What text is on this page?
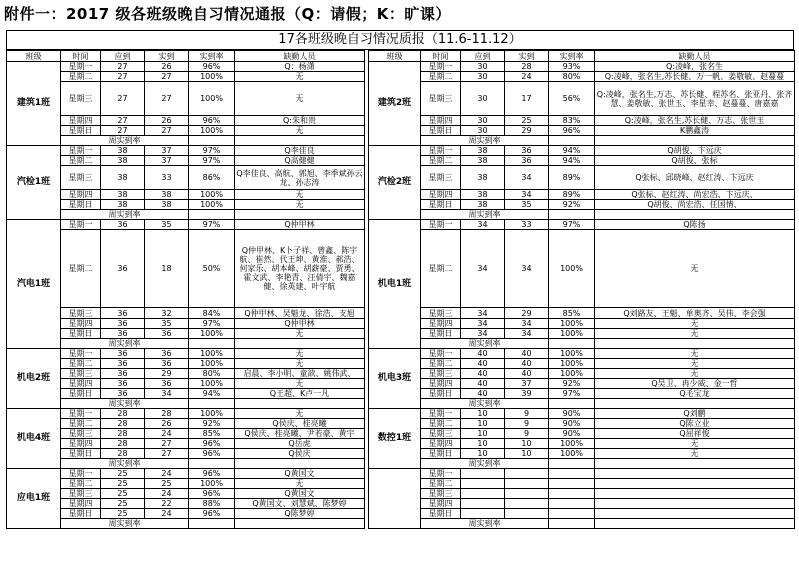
附件一：2017 级各班级晚自习情况通报（Q：请假；K：旷课）
17各班级晚自习情况质报（11.6-11.12）
班级	时间	应到	实到	实到率	缺勤人员		班级	时间	应到	实到	实到率	缺勤人员
建筑1班	星期一	27	26	96%	Q：杨潇		建筑2班	星期一	30	28	93%	Q:凌峰，张名生
	星期二	27	27	100%	无			星期二	30	24	80%	Q:凌峰，张名生,苏长健、万一帆、姜敬敏、赵蔓蔓
	星期三	27	27	100%	无			星期三	30	17	56%	Q:凌峰，张名生,万志、苏长健、程苏名、张亚丹、张齐慧、姜敬敏、张世玉、李星幸、赵蔓蔓、唐嘉嘉
	星期四	27	26	96%	Q:朱和贵			星期四	30	25	83%	Q:凌峰，张名生,苏长健、万志、张世玉
	星期日	27	27	100%	无			星期日	30	29	96%	K鹏鑫涛
	周实到率							周实到率				
汽检1班	星期一	38	37	97%	Q李佳良		汽检2班	星期一	38	36	94%	Q胡俊、卞远庆
	星期二	38	37	97%	Q高健健			星期二	38	36	94%	Q胡俊、张标
	星期三	38	33	86%	Q李佳良、高航、郭旭、李季斌孙云龙、孙志涛			星期三	38	34	89%	Q张标、邱晓峰、赵红涛、卞远庆
	星期四	38	38	100%	无			星期四	38	34	89%	Q张标、赵红涛、尚宏浩、卞远庆、
	星期日	38	38	100%	无			星期日	38	35	92%	Q胡俊、尚宏浩、任国情、
	周实到率							周实到率				
汽电1班	星期一	36	35	97%	Q仲甲林		机电1班	星期一	34	33	97%	Q陈扬
	星期二	36	18	50%	Q仲甲林、K卜子祥、曾鑫、陈宇航、崔然、代王坤、黄淮、郝浩、何家乐、胡本峰、胡薪豪、贾勇、霍文武、李艳青、汪倩宇、魏嘉健、徐英建、叶宇航			星期二	34	34	100%	无
	星期三	36	32	84%	Q仲甲林、吴魁龙、徐浩、支旭			星期三	34	29	85%	Q刘路友、王魁、单奥齐、吴伟、李会强
	星期四	36	35	97%	Q仲甲林			星期四	34	34	100%	无
	星期日	36	36	100%	无			星期日	34	34	100%	无
	周实到率							周实到率				
机电2班	星期一	36	36	100%	无		机电3班	星期一	40	40	100%	无
	星期二	36	36	100%	无			星期二	40	40	100%	无
	星期三	36	29	80%	启晨、李小明、童歆、姚伟武、			星期三	40	40	100%	无
	星期四	36	36	100%	无			星期四	40	37	92%	Q吴卫、冉少威、金一哲
	星期日	36	34	94%	Q王超、K卢一凡			星期日	40	39	97%	Q毛宝龙
	周实到率							周实到率				
机电4班	星期一	28	28	100%	无		数控1班	星期一	10	9	90%	Q刘鹏
	星期二	28	26	92%	Q侯庆、桂亮曦			星期二	10	9	90%	Q陈立业
	星期三	28	24	85%	Q侯庆、桂亮曦、尹若豪、黄宇			星期三	10	9	90%	Q屈祥俊
	星期四	28	27	96%	Q岳虎			星期四	10	10	100%	无
	星期日	28	27	96%	Q侯庆			星期日	10	10	100%	无
	周实到率							周实到率				
应电1班	星期一	25	24	96%	Q黄国文			星期一				
	星期二	25	25	100%	无			星期二				
	星期三	25	24	96%	Q黄国文			星期三				
	星期四	25	22	88%	Q黄国文、刘慧斌、陈梦婷			星期四				
	星期日	25	24	96%	Q陈梦婷			星期日				
	周实到率							周实到率				
